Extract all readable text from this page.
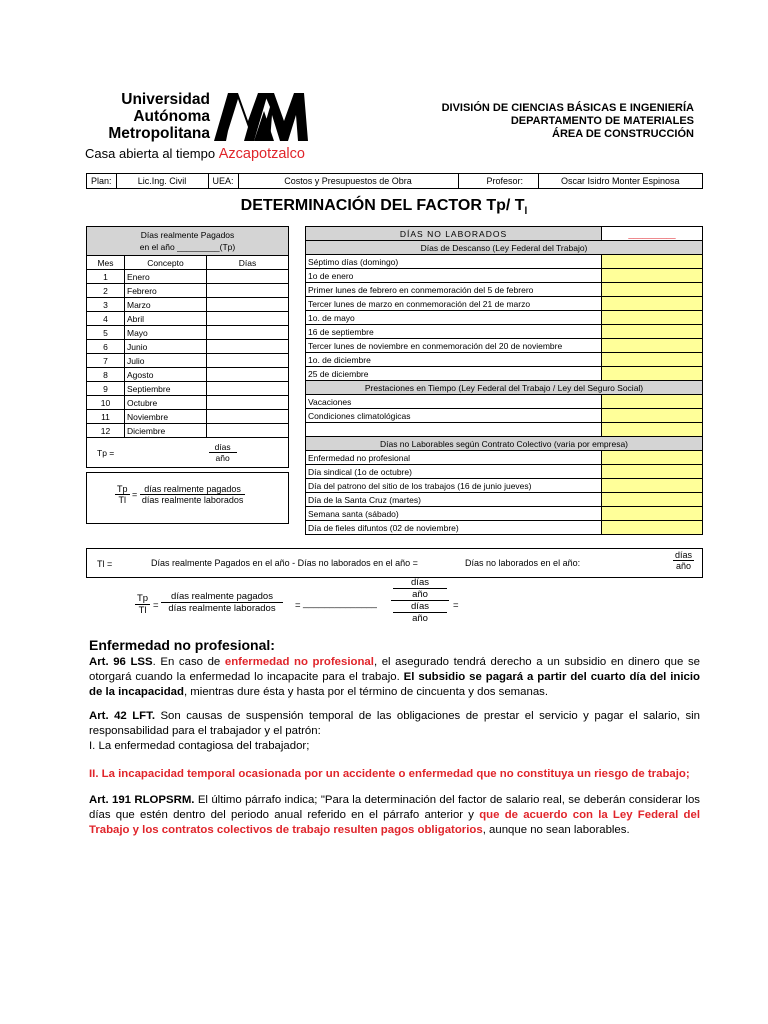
Universidad
Autónoma
Metropolitana
Casa abierta al tiempo Azcapotzalco
DIVISIÓN DE CIENCIAS BÁSICAS E INGENIERÍA
DEPARTAMENTO DE MATERIALES
ÁREA DE CONSTRUCCIÓN
Plan:	Lic.Ing. Civil	UEA:	Costos y Presupuestos de Obra	Profesor:	Oscar Isidro Monter Espinosa
DETERMINACIÓN DEL FACTOR Tp/ $T_l$
Días realmente Pagados
en el año _________(Tp)		

Mes	Concepto	Días
1	Enero	
2	Febrero	
3	Marzo	
4	Abril	
5	Mayo	
6	Junio	
7	Julio	
8	Agosto	
9	Septiembre	
10	Octubre	
11	Noviembre	
12	Diciembre	
$Tp = \frac{\text{días}}{\text{año}}$
$\frac{Tp}{Tl} = \frac{\text{días realmente pagados}}{\text{días realmente laborados}}$
DÍAS NO LABORADOS	__________
Días de Descanso (Ley Federal del Trabajo)	
Séptimo días (domingo)	
1o de enero	
Primer lunes de febrero en conmemoración del 5 de febrero	
Tercer lunes de marzo en conmemoración del 21 de marzo	
1o. de mayo	
16 de septiembre	
Tercer lunes de noviembre en conmemoración del 20 de noviembre	
1o. de diciembre	
25 de diciembre	
Prestaciones en Tiempo (Ley Federal del Trabajo / Ley del Seguro Social)	
Vacaciones	
Condiciones climatológicas	

Días no Laborables según Contrato Colectivo (varia por empresa)	
Enfermedad no profesional	
Día sindical (1o de octubre)	
Día del patrono del sitio de los trabajos (16 de junio jueves)	
Día de la Santa Cruz (martes)	
Semana santa (sábado)	
Día de fieles difuntos (02 de noviembre)	
Tl =	Días realmente Pagados en el año - Días no laborados en el año =	Días no laborados en el año:
días
año
$\frac{Tp}{Tl}$ =
días realmente pagados
días realmente laborados	= ______________
días
año
días
año
=
Enfermedad no profesional:
Art. 96 LSS. En caso de enfermedad no profesional, el asegurado tendrá derecho a un subsidio en dinero que se otorgará cuando la enfermedad lo incapacite para el trabajo. El subsidio se pagará a partir del cuarto día del inicio de la incapacidad, mientras dure ésta y hasta por el término de cincuenta y dos semanas.
Art. 42 LFT. Son causas de suspensión temporal de las obligaciones de prestar el servicio y pagar el salario, sin responsabilidad para el trabajador y el patrón:
I. La enfermedad contagiosa del trabajador;
II. La incapacidad temporal ocasionada por un accidente o enfermedad que no constituya un riesgo de trabajo;
Art. 191 RLOPSRM. El último párrafo indica; "Para la determinación del factor de salario real, se deberán considerar los días que estén dentro del periodo anual referido en el párrafo anterior y que de acuerdo con la Ley Federal del Trabajo y los contratos colectivos de trabajo resulten pagos obligatorios, aunque no sean laborables.
